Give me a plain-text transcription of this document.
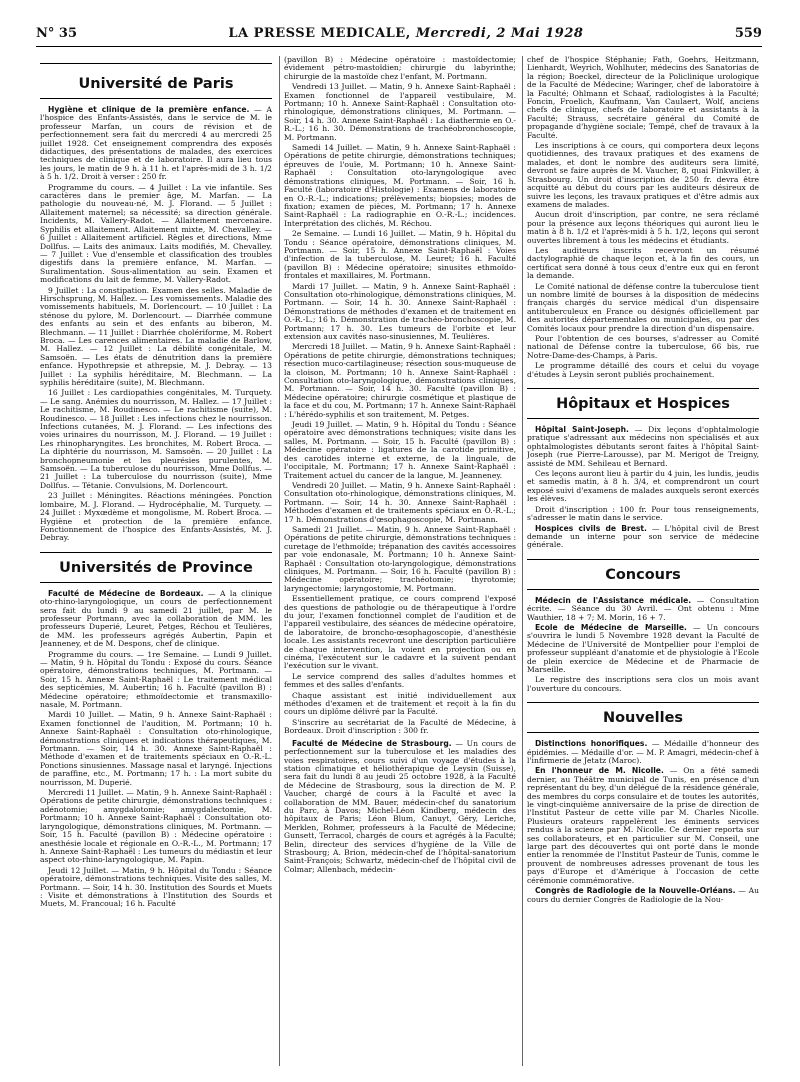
N° 35	LA PRESSE MEDICALE, Mercredi, 2 Mai 1928	559
Université de Paris

Hygiène et clinique de la première enfance. — A l'hospice des Enfants-Assistés, dans le service de M. le professeur Marfan, un cours de révision et de perfectionnement sera fait du mercredi 4 au mercredi 25 juillet 1928. Cet enseignement comprendra des exposés didactiques, des présentations de malades, des exercices techniques de clinique et de laboratoire. Il aura lieu tous les jours, le matin de 9 h. à 11 h. et l'après-midi de 3 h. 1/2 à 5 h. 1/2. Droit à verser : 250 fr.

Programme du cours. — 4 Juillet : La vie infantile. Ses caractères dans le premier âge, M. Marfan. — La pathologie du nouveau-né, M. J. Florand. — 5 Juillet : Allaitement maternel; sa nécessité; sa direction générale. Incidents, M. Vallery-Radot. — Allaitement mercenaire. Syphilis et allaitement. Allaitement mixte, M. Chevalley. — 6 Juillet : Allaitement artificiel. Règles et directions, Mme Dollfus. — Laits des animaux. Laits modifiés, M. Chevalley. — 7 Juillet : Vue d'ensemble et classification des troubles digestifs dans la première enfance, M. Marfan. — Suralimentation. Sous-alimentation au sein. Examen et modifications du lait de femme, M. Vallery-Radot.

9 Juillet : La constipation. Examen des selles. Maladie de Hirschsprung, M. Hallez. — Les vomissements. Maladie des vomissements habituels, M. Dorlencourt. — 10 Juillet : La sténose du pylore, M. Dorlencourt. — Diarrhée commune des enfants au sein et des enfants au biberon, M. Blechmann. — 11 Juillet : Diarrhée cholériforme, M. Robert Broca. — Les carences alimentaires. La maladie de Barlow, M. Hallez. — 12 Juillet : La débilité congénitale, M. Samsoën. — Les états de dénutrition dans la première enfance. Hypothrepsie et athrepsie, M. J. Debray. — 13 Juillet : La syphilis héréditaire, M. Blechmann. — La syphilis héréditaire (suite), M. Blechmann.

16 Juillet : Les cardiopathies congénitales, M. Turquety. — Le sang. Anémies du nourrisson, M. Hallez. — 17 Juillet : Le rachitisme, M. Roudinesco. — Le rachitisme (suite), M. Roudinesco. — 18 Juillet : Les infections chez le nourrisson. Infections cutanées, M. J. Florand. — Les infections des voies urinaires du nourrisson, M. J. Florand. — 19 Juillet : Les rhinopharyngites. Les bronchites, M. Robert Broca. — La diphtérie du nourrisson, M. Samsoën. — 20 Juillet : La bronchopneumonie et les pleurésies purulentes, M. Samsoën. — La tuberculose du nourrisson, Mme Dollfus. — 21 Juillet : La tuberculose du nourrisson (suite), Mme Dollfus. — Tétanie. Convulsions, M. Dorlencourt.

23 Juillet : Méningites. Réactions méningées. Ponction lombaire, M. J. Florand. — Hydrocéphalie, M. Turquety. — 24 Juillet : Myxœdème et mongolisme, M. Robert Broca. — Hygiène et protection de la première enfance. Fonctionnement de l'hospice des Enfants-Assistés, M. J. Debray.

Universités de Province

Faculté de Médecine de Bordeaux. — A la clinique oto-rhino-laryngologique, un cours de perfectionnement sera fait du lundi 9 au samedi 21 juillet, par M. le professeur Portmann, avec la collaboration de MM. les professeurs Duperié, Leuret, Petges, Réchou et Teulières, de MM. les professeurs agrégés Aubertin, Papin et Jeanneney, et de M. Despons, chef de clinique.

Programme du cours. — 1re Semaine. — Lundi 9 Juillet. — Matin, 9 h. Hôpital du Tondu : Exposé du cours. Séance opératoire, démonstrations techniques, M. Portmann. — Soir, 15 h. Annexe Saint-Raphaël : Le traitement médical des septicémies, M. Aubertin; 16 h. Faculté (pavillon B) : Médecine opératoire; ethmoïdectomie et transmaxillo-nasale, M. Portmann.

Mardi 10 Juillet. — Matin, 9 h. Annexe Saint-Raphaël : Examen fonctionnel de l'audition, M. Portmann; 10 h. Annexe Saint-Raphaël : Consultation oto-rhinologique, démonstrations cliniques et indications thérapeutiques, M. Portmann. — Soir, 14 h. 30. Annexe Saint-Raphaël : Méthode d'examen et de traitements spéciaux en O.-R.-L. Ponctions sinusiennes. Massage nasal et laryngé. Injections de paraffine, etc., M. Portmann; 17 h. : La mort subite du nourrisson, M. Duperié.

Mercredi 11 Juillet. — Matin, 9 h. Annexe Saint-Raphaël : Opérations de petite chirurgie, démonstrations techniques : adénotomie; amygdalotomie; amygdalectomie, M. Portmann; 10 h. Annexe Saint-Raphaël : Consultation oto-laryngologique, démonstrations cliniques, M. Portmann. — Soir, 15 h. Faculté (pavillon B) : Médecine opératoire : anesthésie locale et régionale en O.-R.-L., M. Portmann; 17 h. Annexe Saint-Raphaël : Les tumeurs du médiastin et leur aspect oto-rhino-laryngologique, M. Papin.

Jeudi 12 Juillet. — Matin, 9 h. Hôpital du Tondu : Séance opératoire, démonstrations techniques. Visite des salles, M. Portmann. — Soir, 14 h. 30. Institution des Sourds et Muets : Visite et démonstrations à l'Institution des Sourds et Muets, M. Francoual; 16 h. Faculté

(pavillon B) : Médecine opératoire : mastoïdectomie; évidement pétro-mastoïdien; chirurgie du labyrinthe; chirurgie de la mastoïde chez l'enfant, M. Portmann.

Vendredi 13 Juillet. — Matin, 9 h. Annexe Saint-Raphaël : Examen fonctionnel de l'appareil vestibulaire, M. Portmann; 10 h. Annexe Saint-Raphaël : Consultation oto-rhinologique, démonstrations cliniques, M. Portmann. — Soir, 14 h. 30. Annexe Saint-Raphaël : La diathermie en O.-R.-L.; 16 h. 30. Démonstrations de trachéobronchoscopie, M. Portmann.

Samedi 14 Juillet. — Matin, 9 h. Annexe Saint-Raphaël : Opérations de petite chirurgie, démonstrations techniques; épreuves de l'ouïe, M. Portmann; 10 h. Annexe Saint-Raphaël : Consultation oto-laryngologique avec démonstrations cliniques, M. Portmann. — Soir, 16 h. Faculté (laboratoire d'Histologie) : Examens de laboratoire en O.-R.-L.; indications; prélèvements; biopsies; modes de fixation; examen de pièces, M. Portmann; 17 h. Annexe Saint-Raphaël : La radiographie en O.-R.-L.; incidences. Interprétation des clichés, M. Réchou.

2e Semaine. — Lundi 16 Juillet. — Matin, 9 h. Hôpital du Tondu : Séance opératoire, démonstrations cliniques, M. Portmann. — Soir, 15 h. Annexe Saint-Raphaël : Voies d'infection de la tuberculose, M. Leuret; 16 h. Faculté (pavillon B) : Médecine opératoire; sinusites ethmoïdo-frontales et maxillaires, M. Portmann.

Mardi 17 Juillet. — Matin, 9 h. Annexe Saint-Raphaël : Consultation oto-rhinologique, démonstrations cliniques, M. Portmann. — Soir, 14 h. 30. Annexe Saint-Raphaël : Démonstrations de méthodes d'examen et de traitement en O.-R.-L.; 16 h. Démonstration de trachéo-bronchoscopie, M. Portmann; 17 h. 30. Les tumeurs de l'orbite et leur extension aux cavités naso-sinusiennes, M. Teulières.

Mercredi 18 Juillet. — Matin, 9 h. Annexe Saint-Raphaël : Opérations de petite chirurgie, démonstrations techniques; résection muco-cartilagineuse; résection sous-muqueuse de la cloison, M. Portmann; 10 h. Annexe Saint-Raphaël : Consultation oto-laryngologique, démonstrations cliniques, M. Portmann. — Soir, 14 h. 30. Faculté (pavillon B) : Médecine opératoire; chirurgie cosmétique et plastique de la face et du cou, M. Portmann; 17 h. Annexe Saint-Raphaël : L'hérédo-syphilis et son traitement, M. Petges.

Jeudi 19 Juillet. — Matin, 9 h. Hôpital du Tondu : Séance opératoire avec démonstrations techniques; visite dans les salles, M. Portmann. — Soir, 15 h. Faculté (pavillon B) : Médecine opératoire : ligatures de la carotide primitive, des carotides interne et externe, de la linguale, de l'occipitale, M. Portmann; 17 h. Annexe Saint-Raphaël : Traitement actuel du cancer de la langue, M. Jeanneney.

Vendredi 20 Juillet. — Matin, 9 h. Annexe Saint-Raphaël : Consultation oto-rhinologique, démonstrations cliniques, M. Portmann. — Soir, 14 h. 30. Annexe Saint-Raphaël : Méthodes d'examen et de traitements spéciaux en O.-R.-L.; 17 h. Démonstrations d'œsophagoscopie, M. Portmann.

Samedi 21 Juillet. — Matin, 9 h. Annexe Saint-Raphaël : Opérations de petite chirurgie, démonstrations techniques : curetage de l'ethmoïde; trépanation des cavités accessoires par voie endonasale, M. Portmann; 10 h. Annexe Saint-Raphaël : Consultation oto-laryngologique, démonstrations cliniques, M. Portmann. — Soir, 16 h. Faculté (pavillon B) : Médecine opératoire; trachéotomie; thyrotomie; laryngectomie; laryngostomie, M. Portmann.

Essentiellement pratique, ce cours comprend l'exposé des questions de pathologie ou de thérapeutique à l'ordre du jour, l'examen fonctionnel complet de l'audition et de l'appareil vestibulaire, des séances de médecine opératoire, de laboratoire, de broncho-œsophagoscopie, d'anesthésie locale. Les assistants recevront une description particulière de chaque intervention, la voient en projection ou en cinéma, l'exécutent sur le cadavre et la suivent pendant l'exécution sur le vivant.

Le service comprend des salles d'adultes hommes et femmes et des salles d'enfants.

Chaque assistant est initié individuellement aux méthodes d'examen et de traitement et reçoit à la fin du cours un diplôme délivré par la Faculté.

S'inscrire au secrétariat de la Faculté de Médecine, à Bordeaux. Droit d'inscription : 300 fr.

Faculté de Médecine de Strasbourg. — Un cours de perfectionnement sur la tuberculose et les maladies des voies respiratoires, cours suivi d'un voyage d'études à la station climatique et héliothérapique de Leysin (Suisse), sera fait du lundi 8 au jeudi 25 octobre 1928, à la Faculté de Médecine de Strasbourg, sous la direction de M. P. Vaucher, chargé de cours à la Faculté et avec la collaboration de MM. Bauer, médecin-chef du sanatorium du Parc, à Davos; Michel-Léon Kindberg, médecin des hôpitaux de Paris; Léon Blum, Canuyt, Géry, Leriche, Merklen, Rohmer, professeurs à la Faculté de Médecine; Gunsett, Terracol, chargés de cours et agrégés à la Faculté; Belin, directeur des services d'hygiène de la Ville de Strasbourg; A. Brion, médecin-chef de l'hôpital-sanatorium Saint-François; Schwartz, médecin-chef de l'hôpital civil de Colmar; Allenbach, médecin-

chef de l'hospice Stéphanie; Fath, Goehrs, Heitzmann, Lienhardt, Weyrich, Wohlhuter, médecins des Sanatorias de la région; Boeckel, directeur de la Policlinique urologique de la Faculté de Médecine; Waringer, chef de laboratoire à la Faculté; Ohlmann et Schaaf, radiologistes à la Faculté; Foncin, Froelich, Kaufmann, Van Caulaert, Wolf, anciens chefs de clinique, chefs de laboratoire et assistants à la Faculté; Strauss, secrétaire général du Comité de propagande d'hygiène sociale; Tempé, chef de travaux à la Faculté.

Les inscriptions à ce cours, qui comportera deux leçons quotidiennes, des travaux pratiques et des examens de malades, et dont le nombre des auditeurs sera limité, devront se faire auprès de M. Vaucher, 8, quai Finkwiller, à Strasbourg. Un droit d'inscription de 250 fr. devra être acquitté au début du cours par les auditeurs désireux de suivre les leçons, les travaux pratiques et d'être admis aux examens de malades.

Aucun droit d'inscription, par contre, ne sera réclamé pour la présence aux leçons théoriques qui auront lieu le matin à 8 h. 1/2 et l'après-midi à 5 h. 1/2, leçons qui seront ouvertes librement à tous les médecins et étudiants.

Les auditeurs inscrits recevront un résumé dactylographié de chaque leçon et, à la fin des cours, un certificat sera donné à tous ceux d'entre eux qui en feront la demande.

Le Comité national de défense contre la tuberculose tient un nombre limité de bourses à la disposition de médecins français chargés du service médical d'un dispensaire antituberculeux en France ou désignés officiellement par des autorités départementales ou municipales, ou par des Comités locaux pour prendre la direction d'un dispensaire.

Pour l'obtention de ces bourses, s'adresser au Comité national de Défense contre la tuberculose, 66 bis, rue Notre-Dame-des-Champs, à Paris.

Le programme détaillé des cours et celui du voyage d'études à Leysin seront publiés prochainement.

Hôpitaux et Hospices

Hôpital Saint-Joseph. — Dix leçons d'ophtalmologie pratique s'adressant aux médecins non spécialisés et aux ophtalmologistes débutants seront faites à l'hôpital Saint-Joseph (rue Pierre-Larousse), par M. Merigot de Treigny, assisté de MM. Sehileau et Bernard.

Ces leçons auront lieu à partir du 4 juin, les lundis, jeudis et samedis matin, à 8 h. 3/4, et comprendront un court exposé suivi d'examens de malades auxquels seront exercés les élèves.

Droit d'inscription : 100 fr. Pour tous renseignements, s'adresser le matin dans le service.

Hospices civils de Brest. — L'hôpital civil de Brest demande un interne pour son service de médecine générale.

Concours

Médecin de l'Assistance médicale. — Consultation écrite. — Séance du 30 Avril. — Ont obtenu : Mme Wauthier, 18 + 7; M. Morin, 16 + 7.

Ecole de Médecine de Marseille. — Un concours s'ouvrira le lundi 5 Novembre 1928 devant la Faculté de Médecine de l'Université de Montpellier pour l'emploi de professeur suppléant d'anatomie et de physiologie à l'Ecole de plein exercice de Médecine et de Pharmacie de Marseille.

Le registre des inscriptions sera clos un mois avant l'ouverture du concours.

Nouvelles

Distinctions honorifiques. — Médaille d'honneur des épidémies. — Médaille d'or. — M. P. Amagri, médecin-chef à l'infirmerie de Jetatz (Maroc).

En l'honneur de M. Nicolle. — On a fêté samedi dernier, au Théâtre municipal de Tunis, en présence d'un représentant du bey, d'un délégué de la résidence générale, des membres du corps consulaire et de toutes les autorités, le vingt-cinquième anniversaire de la prise de direction de l'Institut Pasteur de cette ville par M. Charles Nicolle. Plusieurs orateurs rappelèrent les éminents services rendus à la science par M. Nicolle. Ce dernier reporta sur ses collaborateurs, et en particulier sur M. Conseil, une large part des découvertes qui ont porté dans le monde entier la renommée de l'Institut Pasteur de Tunis, comme le prouvent de nombreuses adresses provenant de tous les pays d'Europe et d'Amérique à l'occasion de cette cérémonie commémorative.

Congrès de Radiologie de la Nouvelle-Orléans. — Au cours du dernier Congrès de Radiologie de la Nou-
